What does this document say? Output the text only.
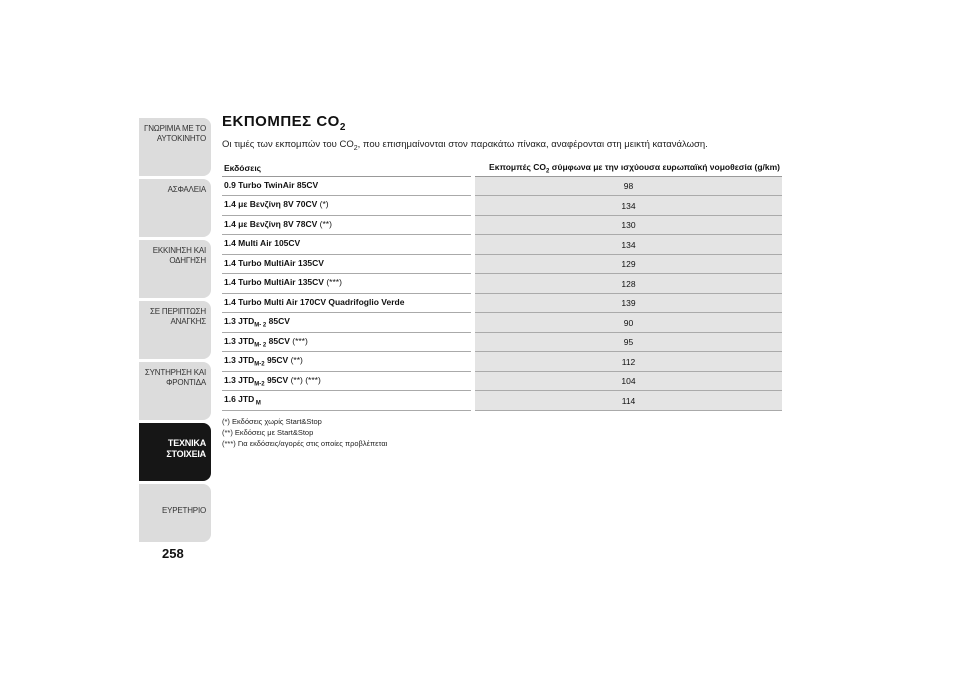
ΓΝΩΡΙΜΙΑ ΜΕ ΤΟ
ΑΥΤΟΚΙΝΗΤΟ
ΑΣΦΑΛΕΙΑ
ΕΚΚΙΝΗΣΗ ΚΑΙ
ΟΔΗΓΗΣΗ
ΣΕ ΠΕΡΙΠΤΩΣΗ
ΑΝΑΓΚΗΣ
ΣΥΝΤΗΡΗΣΗ ΚΑΙ
ΦΡΟΝΤΙΔΑ
ΤΕΧΝΙΚΑ
ΣΤΟΙΧΕΙΑ
ΕΥΡΕΤΗΡΙΟ
258
ΕΚΠΟΜΠΕΣ $CO_2$

Οι τιμές των εκπομπών του $CO_2$, που επισημαίνονται στον παρακάτω πίνακα, αναφέρονται στη μεικτή κατανάλωση.

Εκδόσεις	Εκπομπές $CO_2$ σύμφωνα με την ισχύουσα ευρωπαϊκή νομοθεσία (g/km)
0.9 Turbo TwinAir 85CV	98
1.4 με Βενζίνη 8V 70CV (*)	134
1.4 με Βενζίνη 8V 78CV (**)	130
1.4 Multi Air 105CV	134
1.4 Turbo MultiAir 135CV	129
1.4 Turbo MultiAir 135CV (***)	128
1.4 Turbo Multi Air 170CV Quadrifoglio Verde	139
1.3 $JTD_{M- 2}$ 85CV	90
1.3 $JTD_{M- 2}$ 85CV (***)	95
1.3 $JTD_{M-2}$ 95CV (**)	112
1.3 $JTD_{M-2}$ 95CV (**) (***)	104
1.6 JTD $_M$	114
(*) Εκδόσεις χωρίς Start&Stop
(**) Εκδόσεις με Start&Stop
(***) Για εκδόσεις/αγορές στις οποίες προβλέπεται
